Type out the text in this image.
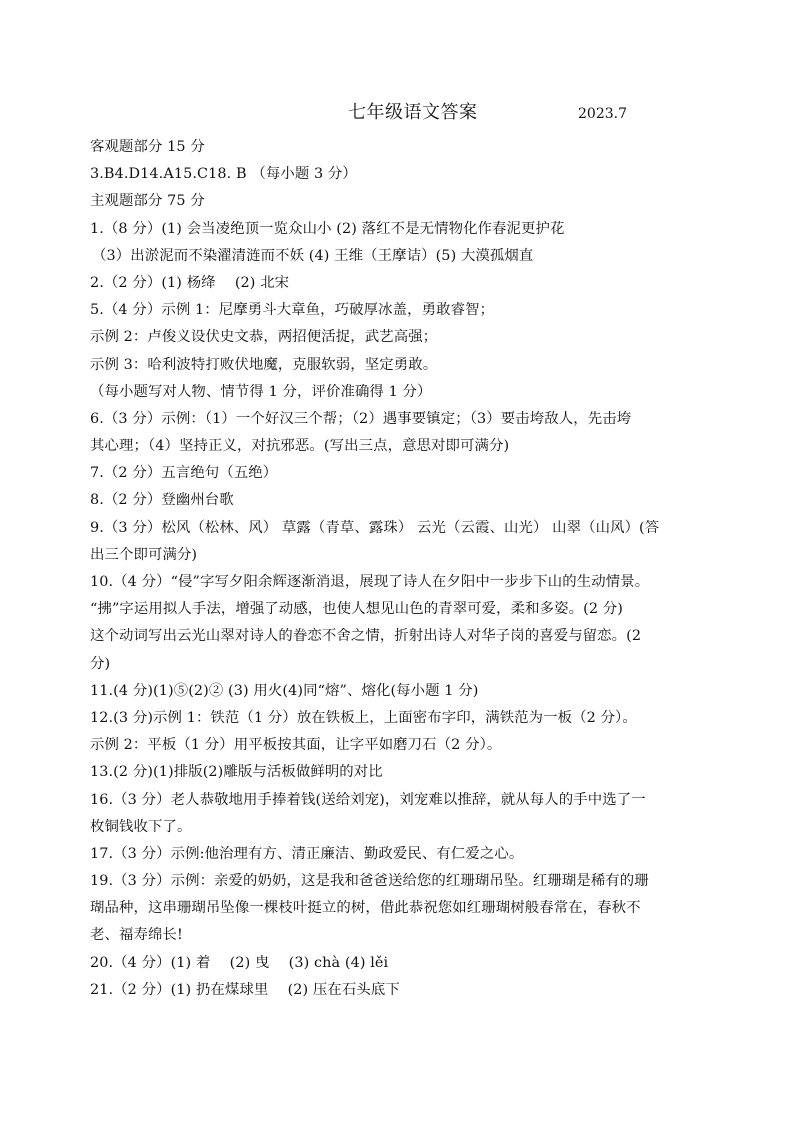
七年级语文答案	2023.7
客观题部分 15 分
3.B4.D14.A15.C18. B （每小题 3 分）
主观题部分 75 分
1.（8 分）(1) 会当凌绝顶一览众山小 (2) 落红不是无情物化作春泥更护花
（3）出淤泥而不染濯清涟而不妖 (4) 王维（王摩诘）(5) 大漠孤烟直
2.（2 分）(1) 杨绛 　(2) 北宋
5.（4 分）示例 1：尼摩勇斗大章鱼，巧破厚冰盖，勇敢睿智；
示例 2：卢俊义设伏史文恭，两招便活捉，武艺高强；
示例 3：哈利波特打败伏地魔，克服软弱，坚定勇敢。
（每小题写对人物、情节得 1 分，评价准确得 1 分）
6.（3 分）示例：（1）一个好汉三个帮；（2）遇事要镇定；（3）要击垮敌人，先击垮
其心理；（4）坚持正义，对抗邪恶。(写出三点，意思对即可满分)
7.（2 分）五言绝句（五绝）
8.（2 分）登幽州台歌
9.（3 分）松风（松林、风） 草露（青草、露珠） 云光（云霞、山光） 山翠（山风）(答
出三个即可满分)
10.（4 分）“侵”字写夕阳余辉逐渐消退，展现了诗人在夕阳中一步步下山的生动情景。
“拂”字运用拟人手法，增强了动感，也使人想见山色的青翠可爱，柔和多姿。(2 分)
这个动词写出云光山翠对诗人的眷恋不舍之情，折射出诗人对华子岗的喜爱与留恋。(2
分)
11.(4 分)(1)⑤(2)② (3) 用火(4)同“熔”、熔化(每小题 1 分)
12.(3 分)示例 1：铁范（1 分）放在铁板上，上面密布字印，满铁范为一板（2 分）。
示例 2：平板（1 分）用平板按其面，让字平如磨刀石（2 分）。
13.(2 分)(1)排版(2)雕版与活板做鲜明的对比
16.（3 分）老人恭敬地用手捧着钱(送给刘宠)，刘宠难以推辞，就从每人的手中选了一
枚铜钱收下了。
17.（3 分）示例:他治理有方、清正廉洁、勤政爱民、有仁爱之心。
19.（3 分）示例：亲爱的奶奶，这是我和爸爸送给您的红珊瑚吊坠。红珊瑚是稀有的珊
瑚品种，这串珊瑚吊坠像一棵枝叶挺立的树，借此恭祝您如红珊瑚树般春常在，春秋不
老、福寿绵长!
20.（4 分）(1) 着 　(2) 曳 　(3) chà (4) lěi
21.（2 分）(1) 扔在煤球里 　(2) 压在石头底下
